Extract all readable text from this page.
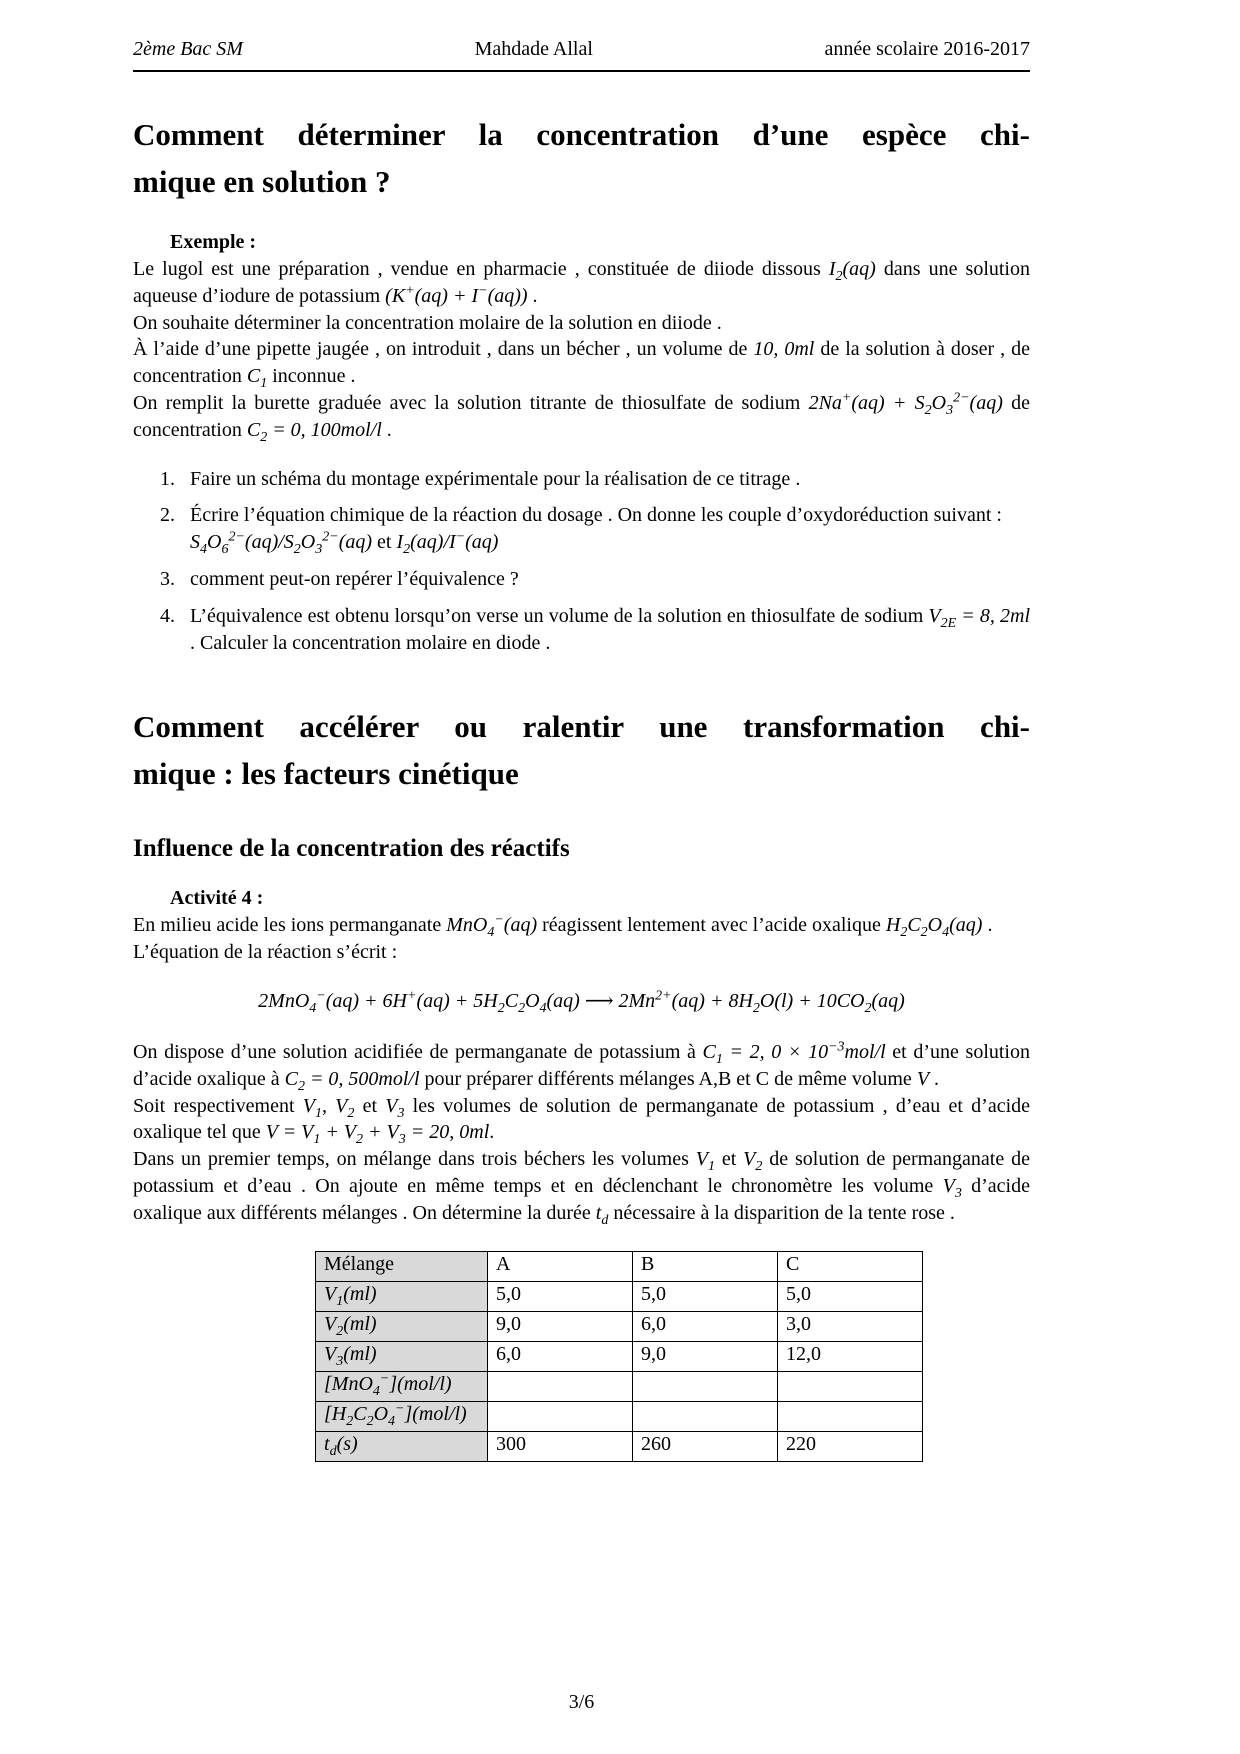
2ème Bac SM	Mahdade Allal	année scolaire 2016-2017
Comment déterminer la concentration d’une espèce chi-
mique en solution ?
Exemple :

Le lugol est une préparation , vendue en pharmacie , constituée de diiode dissous $I_2(aq)$ dans une solution aqueuse d’iodure de potassium (K+(aq) + I−(aq)) .

On souhaite déterminer la concentration molaire de la solution en diiode .

À l’aide d’une pipette jaugée , on introduit , dans un bécher , un volume de 10, 0ml de la solution à doser , de concentration $C_1$ inconnue .

On remplit la burette graduée avec la solution titrante de thiosulfate de sodium $2Na^+(aq) + S_2O_3^{2-}(aq)$ de concentration $C_2 = 0$, 100mol/l .

1. Faire un schéma du montage expérimentale pour la réalisation de ce titrage .
2. Écrire l’équation chimique de la réaction du dosage . On donne les couple d’oxydoréduction suivant :
$S_4O_6^{2-}(aq)/S_2O_3^{2-}(aq)$ et $I_2(aq)/I^-(aq)$
3. comment peut-on repérer l’équivalence ?
4. L’équivalence est obtenu lorsqu’on verse un volume de la solution en thiosulfate de sodium $V_{2E} = 8$, 2ml . Calculer la concentration molaire en diode .
Comment accélérer ou ralentir une transformation chi-
mique : les facteurs cinétique
Influence de la concentration des réactifs
Activité 4 :

En milieu acide les ions permanganate MnO$_4$−(aq) réagissent lentement avec l’acide oxalique $H_2C_2O_4(aq)$ .

L’équation de la réaction s’écrit :

$2MnO_4^-(aq) + 6H^+(aq) + 5H_2C_2O_4(aq)$ ⟶ $2Mn^{2+}(aq) + 8H_2O(l) + 10CO_2(aq)$

On dispose d’une solution acidifiée de permanganate de potassium à $C_1 = 2$, $0 \times 10^{-3}mol/l$ et d’une solution d’acide oxalique à $C_2 = 0$, 500mol/l pour préparer différents mélanges A,B et C de même volume V .

Soit respectivement $V_1$, $V_2$ et $V_3$ les volumes de solution de permanganate de potassium , d’eau et d’acide oxalique tel que $V = V_1 + V_2 + V_3 = 20$, 0ml.

Dans un premier temps, on mélange dans trois béchers les volumes $V_1$ et $V_2$ de solution de permanganate de potassium et d’eau . On ajoute en même temps et en déclenchant le chronomètre les volume $V_3$ d’acide oxalique aux différents mélanges . On détermine la durée $t_d$ nécessaire à la disparition de la tente rose .

Mélange	A	B	C
$V_1(ml)$	5,0	5,0	5,0
$V_2(ml)$	9,0	6,0	3,0
$V_3(ml)$	6,0	9,0	12,0
[MnO$_4$−](mol/l)			
$[H_2C_2O_4^-](mol/l)$			
$t_d(s)$	300	260	220
3/6
